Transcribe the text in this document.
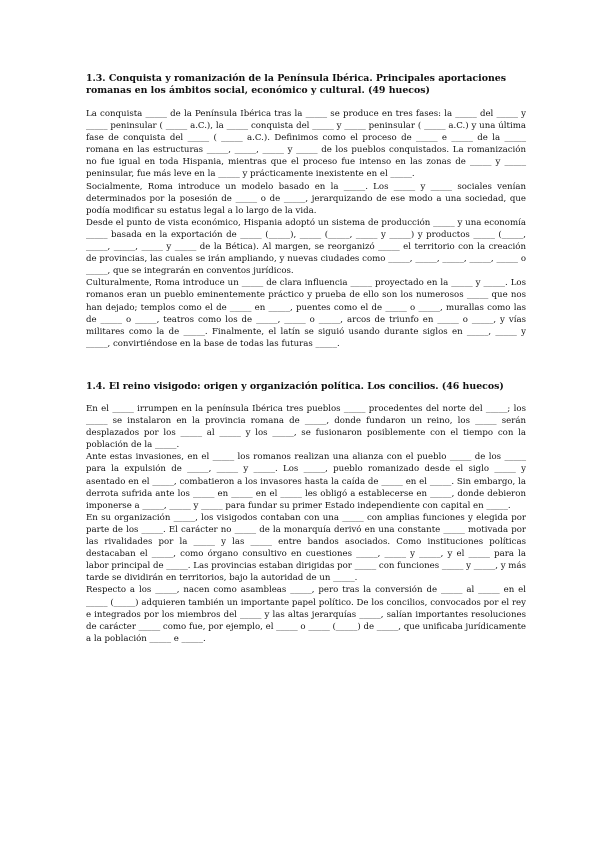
1.3. Conquista y romanización de la Península Ibérica. Principales aportaciones romanas en los ámbitos social, económico y cultural. (49 huecos)

La conquista _____ de la Península Ibérica tras la _____ se produce en tres fases: la _____ del _____ y _____ peninsular ( _____ a.C.), la _____ conquista del _____ y _____ peninsular ( _____ a.C.) y una última fase de conquista del _____ ( _____ a.C.). Definimos como el proceso de _____ e _____ de la _____ romana en las estructuras _____, _____, _____ y _____ de los pueblos conquistados. La romanización no fue igual en toda Hispania, mientras que el proceso fue intenso en las zonas de _____ y _____ peninsular, fue más leve en la _____ y prácticamente inexistente en el _____.

Socialmente, Roma introduce un modelo basado en la _____. Los _____ y _____ sociales venían determinados por la posesión de _____ o de _____, jerarquizando de ese modo a una sociedad, que podía modificar su estatus legal a lo largo de la vida.

Desde el punto de vista económico, Hispania adoptó un sistema de producción _____ y una economía _____ basada en la exportación de _____ (_____), _____ (_____, _____ y _____) y productos _____ (_____, _____, _____, _____ y _____ de la Bética). Al margen, se reorganizó _____ el territorio con la creación de provincias, las cuales se irán ampliando, y nuevas ciudades como _____, _____, _____, _____, _____ o _____, que se integrarán en conventos jurídicos.

Culturalmente, Roma introduce un _____ de clara influencia _____ proyectado en la _____ y _____. Los romanos eran un pueblo eminentemente práctico y prueba de ello son los numerosos _____ que nos han dejado; templos como el de _____ en _____, puentes como el de _____ o _____, murallas como las de _____ o _____, teatros como los de _____, _____ o _____, arcos de triunfo en _____ o _____, y vías militares como la de _____. Finalmente, el latín se siguió usando durante siglos en _____, _____ y _____, convirtiéndose en la base de todas las futuras _____.

1.4. El reino visigodo: origen y organización política. Los concilios. (46 huecos)

En el _____ irrumpen en la península Ibérica tres pueblos _____ procedentes del norte del _____; los _____ se instalaron en la provincia romana de _____, donde fundaron un reino, los _____ serán desplazados por los _____ al _____ y los _____, se fusionaron posiblemente con el tiempo con la población de la _____.

Ante estas invasiones, en el _____ los romanos realizan una alianza con el pueblo _____ de los _____ para la expulsión de _____, _____ y _____. Los _____, pueblo romanizado desde el siglo _____ y asentado en el _____, combatieron a los invasores hasta la caída de _____ en el _____. Sin embargo, la derrota sufrida ante los _____ en _____ en el _____ les obligó a establecerse en _____, donde debieron imponerse a _____, _____ y _____ para fundar su primer Estado independiente con capital en _____.

En su organización _____, los visigodos contaban con una _____ con amplias funciones y elegida por parte de los _____. El carácter no _____ de la monarquía derivó en una constante _____ motivada por las rivalidades por la _____ y las _____ entre bandos asociados. Como instituciones políticas destacaban el _____, como órgano consultivo en cuestiones _____, _____ y _____, y el _____ para la labor principal de _____. Las provincias estaban dirigidas por _____ con funciones _____ y _____, y más tarde se dividirán en territorios, bajo la autoridad de un _____.

Respecto a los _____, nacen como asambleas _____, pero tras la conversión de _____ al _____ en el _____ (_____) adquieren también un importante papel político. De los concilios, convocados por el rey e integrados por los miembros del _____ y las altas jerarquías _____, salían importantes resoluciones de carácter _____ como fue, por ejemplo, el _____ o _____ (_____) de _____, que unificaba jurídicamente a la población _____ e _____.
